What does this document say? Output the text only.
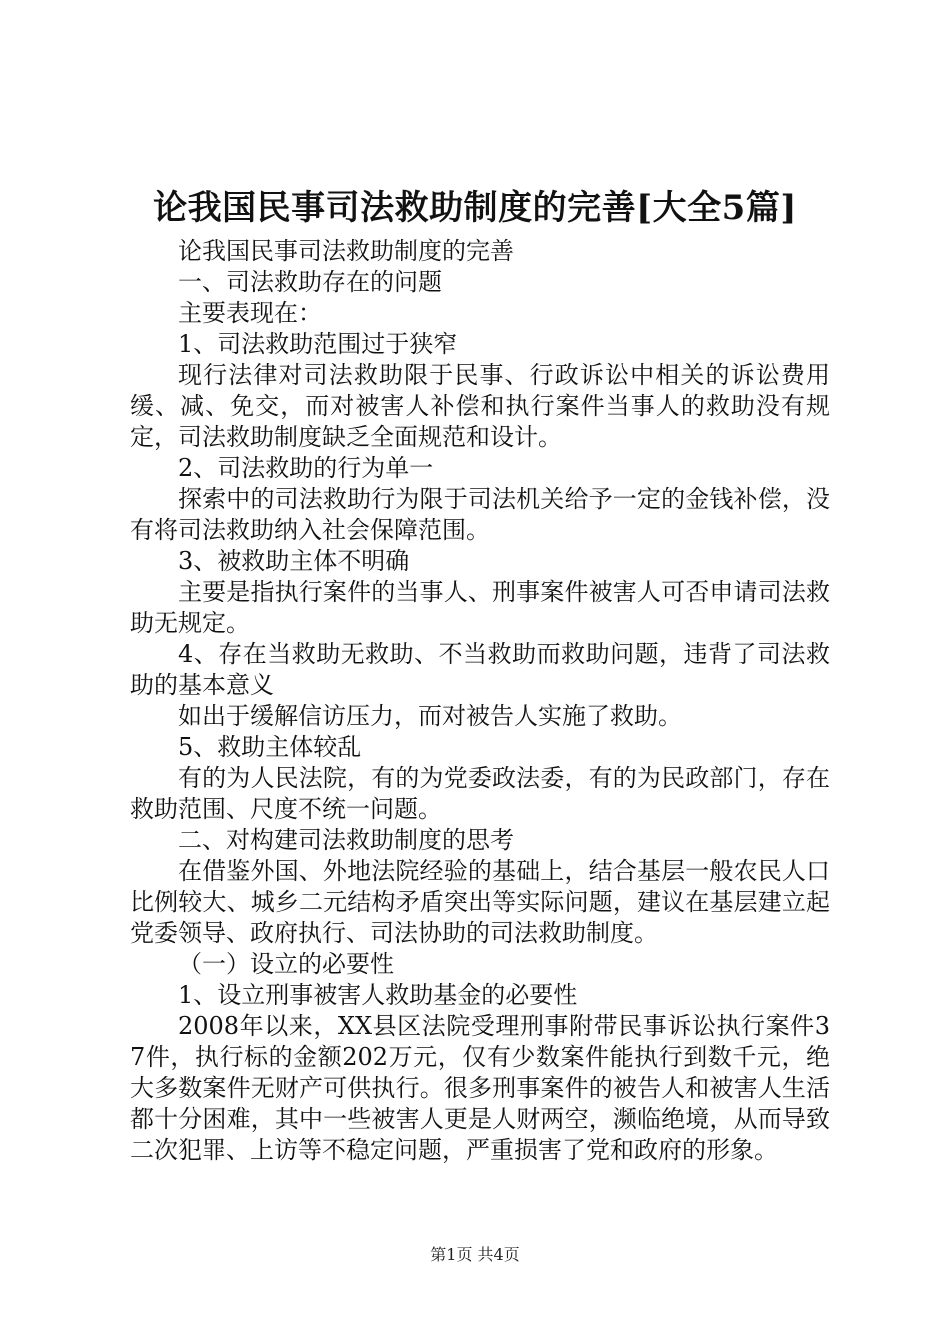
论我国民事司法救助制度的完善[大全5篇]

论我国民事司法救助制度的完善

一、司法救助存在的问题

主要表现在：

1、司法救助范围过于狭窄

现行法律对司法救助限于民事、行政诉讼中相关的诉讼费用缓、减、免交，而对被害人补偿和执行案件当事人的救助没有规定，司法救助制度缺乏全面规范和设计。

2、司法救助的行为单一

探索中的司法救助行为限于司法机关给予一定的金钱补偿，没有将司法救助纳入社会保障范围。

3、被救助主体不明确

主要是指执行案件的当事人、刑事案件被害人可否申请司法救助无规定。

4、存在当救助无救助、不当救助而救助问题，违背了司法救助的基本意义

如出于缓解信访压力，而对被告人实施了救助。

5、救助主体较乱

有的为人民法院，有的为党委政法委，有的为民政部门，存在救助范围、尺度不统一问题。

二、对构建司法救助制度的思考

在借鉴外国、外地法院经验的基础上，结合基层一般农民人口比例较大、城乡二元结构矛盾突出等实际问题，建议在基层建立起党委领导、政府执行、司法协助的司法救助制度。

（一）设立的必要性

1、设立刑事被害人救助基金的必要性

2008年以来，XX县区法院受理刑事附带民事诉讼执行案件37件，执行标的金额202万元，仅有少数案件能执行到数千元，绝大多数案件无财产可供执行。很多刑事案件的被告人和被害人生活都十分困难，其中一些被害人更是人财两空，濒临绝境，从而导致二次犯罪、上访等不稳定问题，严重损害了党和政府的形象。

第1页 共4页
